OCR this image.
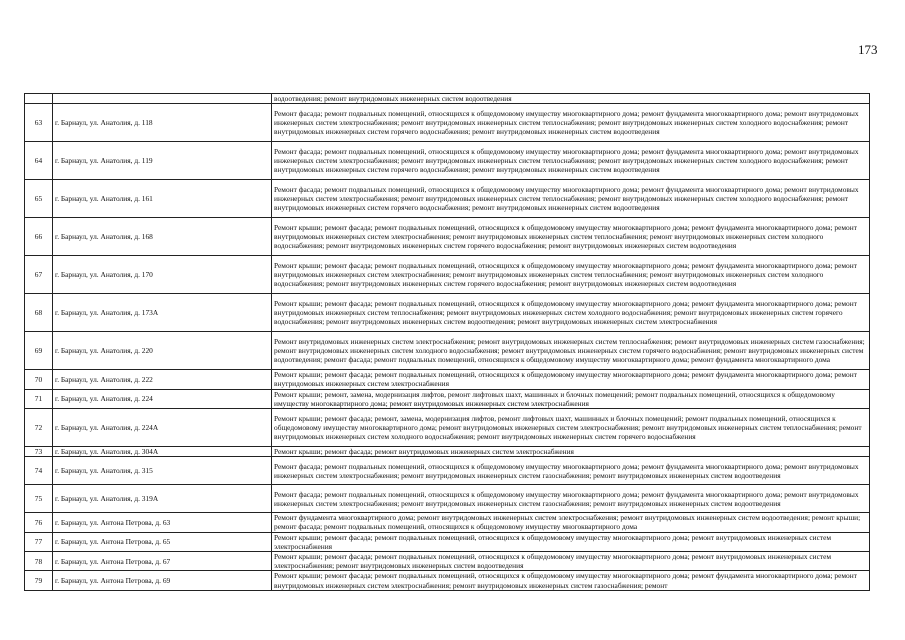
173
		водоотведения; ремонт внутридомовых инженерных систем водоотведения
63	г. Барнаул, ул. Анатолия, д. 118	Ремонт фасада; ремонт подвальных помещений, относящихся к общедомовому имуществу многоквартирного дома; ремонт фундамента многоквартирного дома; ремонт внутридомовых инженерных систем электроснабжения; ремонт внутридомовых инженерных систем теплоснабжения; ремонт внутридомовых инженерных систем холодного водоснабжения; ремонт внутридомовых инженерных систем горячего водоснабжения; ремонт внутридомовых инженерных систем водоотведения
64	г. Барнаул, ул. Анатолия, д. 119	Ремонт фасада; ремонт подвальных помещений, относящихся к общедомовому имуществу многоквартирного дома; ремонт фундамента многоквартирного дома; ремонт внутридомовых инженерных систем электроснабжения; ремонт внутридомовых инженерных систем теплоснабжения; ремонт внутридомовых инженерных систем холодного водоснабжения; ремонт внутридомовых инженерных систем горячего водоснабжения; ремонт внутридомовых инженерных систем водоотведения
65	г. Барнаул, ул. Анатолия, д. 161	Ремонт фасада; ремонт подвальных помещений, относящихся к общедомовому имуществу многоквартирного дома; ремонт фундамента многоквартирного дома; ремонт внутридомовых инженерных систем электроснабжения; ремонт внутридомовых инженерных систем теплоснабжения; ремонт внутридомовых инженерных систем холодного водоснабжения; ремонт внутридомовых инженерных систем горячего водоснабжения; ремонт внутридомовых инженерных систем водоотведения
66	г. Барнаул, ул. Анатолия, д. 168	Ремонт крыши; ремонт фасада; ремонт подвальных помещений, относящихся к общедомовому имуществу многоквартирного дома; ремонт фундамента многоквартирного дома; ремонт внутридомовых инженерных систем электроснабжения; ремонт внутридомовых инженерных систем теплоснабжения; ремонт внутридомовых инженерных систем холодного водоснабжения; ремонт внутридомовых инженерных систем горячего водоснабжения; ремонт внутридомовых инженерных систем водоотведения
67	г. Барнаул, ул. Анатолия, д. 170	Ремонт крыши; ремонт фасада; ремонт подвальных помещений, относящихся к общедомовому имуществу многоквартирного дома; ремонт фундамента многоквартирного дома; ремонт внутридомовых инженерных систем электроснабжения; ремонт внутридомовых инженерных систем теплоснабжения; ремонт внутридомовых инженерных систем холодного водоснабжения; ремонт внутридомовых инженерных систем горячего водоснабжения; ремонт внутридомовых инженерных систем водоотведения
68	г. Барнаул, ул. Анатолия, д. 173А	Ремонт крыши; ремонт фасада; ремонт подвальных помещений, относящихся к общедомовому имуществу многоквартирного дома; ремонт фундамента многоквартирного дома; ремонт внутридомовых инженерных систем теплоснабжения; ремонт внутридомовых инженерных систем холодного водоснабжения; ремонт внутридомовых инженерных систем горячего водоснабжения; ремонт внутридомовых инженерных систем водоотведения; ремонт внутридомовых инженерных систем электроснабжения
69	г. Барнаул, ул. Анатолия, д. 220	Ремонт внутридомовых инженерных систем электроснабжения; ремонт внутридомовых инженерных систем теплоснабжения; ремонт внутридомовых инженерных систем газоснабжения; ремонт внутридомовых инженерных систем холодного водоснабжения; ремонт внутридомовых инженерных систем горячего водоснабжения; ремонт внутридомовых инженерных систем водоотведения; ремонт фасада; ремонт подвальных помещений, относящихся к общедомовому имуществу многоквартирного дома; ремонт фундамента многоквартирного дома
70	г. Барнаул, ул. Анатолия, д. 222	Ремонт крыши; ремонт фасада; ремонт подвальных помещений, относящихся к общедомовому имуществу многоквартирного дома; ремонт фундамента многоквартирного дома; ремонт внутридомовых инженерных систем электроснабжения
71	г. Барнаул, ул. Анатолия, д. 224	Ремонт крыши; ремонт, замена, модернизация лифтов, ремонт лифтовых шахт, машинных и блочных помещений; ремонт подвальных помещений, относящихся к общедомовому имуществу многоквартирного дома; ремонт внутридомовых инженерных систем электроснабжения
72	г. Барнаул, ул. Анатолия, д. 224А	Ремонт крыши; ремонт фасада; ремонт, замена, модернизация лифтов, ремонт лифтовых шахт, машинных и блочных помещений; ремонт подвальных помещений, относящихся к общедомовому имуществу многоквартирного дома; ремонт внутридомовых инженерных систем электроснабжения; ремонт внутридомовых инженерных систем теплоснабжения; ремонт внутридомовых инженерных систем холодного водоснабжения; ремонт внутридомовых инженерных систем горячего водоснабжения
73	г. Барнаул, ул. Анатолия, д. 304А	Ремонт крыши; ремонт фасада; ремонт внутридомовых инженерных систем электроснабжения
74	г. Барнаул, ул. Анатолия, д. 315	Ремонт фасада; ремонт подвальных помещений, относящихся к общедомовому имуществу многоквартирного дома; ремонт фундамента многоквартирного дома; ремонт внутридомовых инженерных систем электроснабжения; ремонт внутридомовых инженерных систем газоснабжения; ремонт внутридомовых инженерных систем водоотведения
75	г. Барнаул, ул. Анатолия, д. 319А	Ремонт фасада; ремонт подвальных помещений, относящихся к общедомовому имуществу многоквартирного дома; ремонт фундамента многоквартирного дома; ремонт внутридомовых инженерных систем электроснабжения; ремонт внутридомовых инженерных систем газоснабжения; ремонт внутридомовых инженерных систем водоотведения
76	г. Барнаул, ул. Антона Петрова, д. 63	Ремонт фундамента многоквартирного дома; ремонт внутридомовых инженерных систем электроснабжения; ремонт внутридомовых инженерных систем водоотведения; ремонт крыши; ремонт фасада; ремонт подвальных помещений, относящихся к общедомовому имуществу многоквартирного дома
77	г. Барнаул, ул. Антона Петрова, д. 65	Ремонт крыши; ремонт фасада; ремонт подвальных помещений, относящихся к общедомовому имуществу многоквартирного дома; ремонт внутридомовых инженерных систем электроснабжения
78	г. Барнаул, ул. Антона Петрова, д. 67	Ремонт крыши; ремонт фасада; ремонт подвальных помещений, относящихся к общедомовому имуществу многоквартирного дома; ремонт внутридомовых инженерных систем электроснабжения; ремонт внутридомовых инженерных систем водоотведения
79	г. Барнаул, ул. Антона Петрова, д. 69	Ремонт крыши; ремонт фасада; ремонт подвальных помещений, относящихся к общедомовому имуществу многоквартирного дома; ремонт фундамента многоквартирного дома; ремонт внутридомовых инженерных систем электроснабжения; ремонт внутридомовых инженерных систем газоснабжения; ремонт
